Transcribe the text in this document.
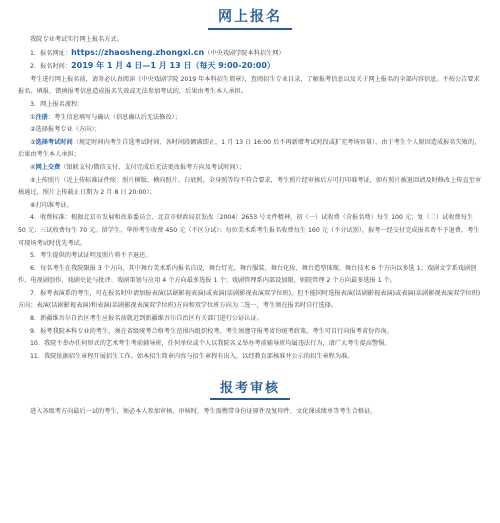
网上报名

我院专业考试实行网上报名方式。

1．报名网址：https://zhaosheng.zhongxi.cn（中央戏剧学院本科招生网）

2．报名时间：2019 年 1 月 4 日—1 月 13 日（每天 9:00-20:00）

考生进行网上报名前，请务必认真阅读《中央戏剧学院 2019 年本科招生简章》，查阅招生专业目录，了解报考信息以及关于网上报名的全部内容信息。不按公告要求报名、填报、错填报考信息造成报名失效或无法参加考试的，后果由考生本人承担。

3．网上报名流程：

①注册：考生信息填写与确认（信息确认后无法修改）；

②选择报考专业（方向）；

③选择考试时间（规定时间内考生自选考试时间，各时间段额满即止，1 月 13 日 16:00 后不再新增考试时段或扩充考场容量），由于考生个人原因造成报名失败的，后果由考生本人承担；

④网上交费（银联支付/微信支付，支付完成后无法更改报考方向及考试时间）；

⑤上传照片（近上传标准证件照：照片横版、横向照片、白底照、全身照等均不符合要求，考生照片经审核后方可打印准考证，如有照片被退回请及时修改上传直至审核通过，照片上传截止日期为 2 月 8 日 20:00）；

⑥打印准考证。

4．收费标准：根据北京市发展和改革委员会、北京市财政局京发改〔2004〕2653 号文件精神，初（一）试收费（含报名费）每生 100 元；复（二）试收费每生 50 元；三试收费每生 70 元。留学生、华侨考生收费 450 元（不区分试）；每位美术系考生报名收费每生 160 元（不分试别），报考一经交付完成报名费不予退费。考生可现场考试时优先考试。

5．考生提供的考试证明及照片将不予退还。

6．每名考生在我院限报 3 个方向，其中舞台美术系内报名自设，舞台灯光、舞台服装、舞台化妆、舞台造型体现、舞台技术 6 个方向以多选 1；戏剧文学系戏剧创作、电视剧创作、戏剧史论与批评、戏剧策划与应用 4 个方向最多选报 1 个；戏剧管理系内部设加限，则院管理 2 个方向最多选报 1 个。

7．报考表演系的考生，可在报名时申请加报表演(话剧影视表演)或表演(话剧影视表演双学位班)，但不能同时选报表演(话剧影视表演)或表演(话剧影视表演双学位班)方向；表演(话剧影视表演)和表演(话剧影视表演双学位班)方向和双学位班方向为二选一，考生须在报名时自行选择。

8．新疆维吾尔自治区考生应报名前就近到新疆维吾尔自治区有关部门进行公证认证。

9．报考我院本科专业的考生，须在省级统考合格考生范围内组织校考。考生须遵守报考省份统考政策，考生可自行向报考省份咨询。

10．我院不举办任何形式的艺术考生考前辅导班，任何单位或个人以我院名义举办考前辅导班均属违法行为，请广大考生提高警惕。

11．我院依据招生章程开展招生工作。如本招生简章内容与招生章程有出入，以经教育部核准并公示的招生章程为准。

报考审核

进入各级考方向最后一试的考生，须必本人参加审核，审核时，考生需携带身份证原件及复印件、文化课成绩单等考生合格证。
